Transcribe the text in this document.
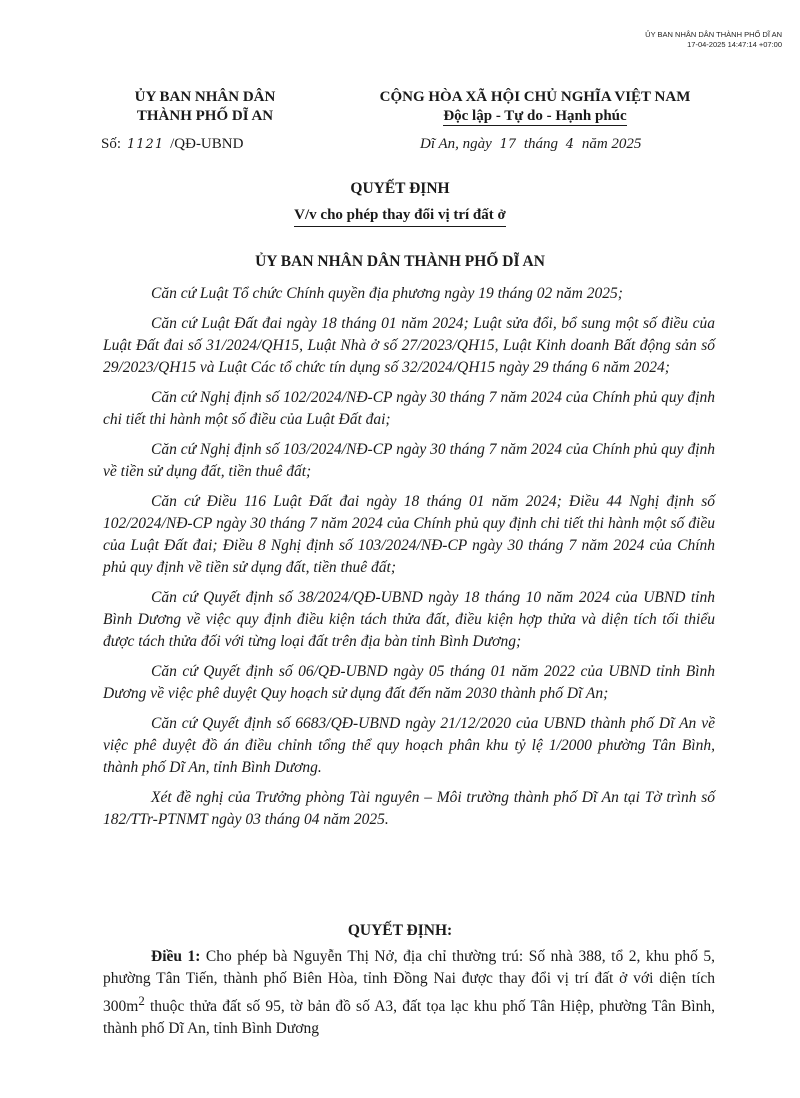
ỦY BAN NHÂN DÂN THÀNH PHỐ DĨ AN
17-04-2025 14:47:14 +07:00
ỦY BAN NHÂN DÂN
THÀNH PHỐ DĨ AN
CỘNG HÒA XÃ HỘI CHỦ NGHĨA VIỆT NAM
Độc lập - Tự do - Hạnh phúc
Số: 1121 /QĐ-UBND	Dĩ An, ngày 17 tháng 4 năm 2025
QUYẾT ĐỊNH
V/v cho phép thay đổi vị trí đất ở
ỦY BAN NHÂN DÂN THÀNH PHỐ DĨ AN

Căn cứ Luật Tổ chức Chính quyền địa phương ngày 19 tháng 02 năm 2025;

Căn cứ Luật Đất đai ngày 18 tháng 01 năm 2024; Luật sửa đổi, bổ sung một số điều của Luật Đất đai số 31/2024/QH15, Luật Nhà ở số 27/2023/QH15, Luật Kinh doanh Bất động sản số 29/2023/QH15 và Luật Các tổ chức tín dụng số 32/2024/QH15 ngày 29 tháng 6 năm 2024;

Căn cứ Nghị định số 102/2024/NĐ-CP ngày 30 tháng 7 năm 2024 của Chính phủ quy định chi tiết thi hành một số điều của Luật Đất đai;

Căn cứ Nghị định số 103/2024/NĐ-CP ngày 30 tháng 7 năm 2024 của Chính phủ quy định về tiền sử dụng đất, tiền thuê đất;

Căn cứ Điều 116 Luật Đất đai ngày 18 tháng 01 năm 2024; Điều 44 Nghị định số 102/2024/NĐ-CP ngày 30 tháng 7 năm 2024 của Chính phủ quy định chi tiết thi hành một số điều của Luật Đất đai; Điều 8 Nghị định số 103/2024/NĐ-CP ngày 30 tháng 7 năm 2024 của Chính phủ quy định về tiền sử dụng đất, tiền thuê đất;

Căn cứ Quyết định số 38/2024/QĐ-UBND ngày 18 tháng 10 năm 2024 của UBND tỉnh Bình Dương về việc quy định điều kiện tách thửa đất, điều kiện hợp thửa và diện tích tối thiểu được tách thửa đối với từng loại đất trên địa bàn tỉnh Bình Dương;

Căn cứ Quyết định số 06/QĐ-UBND ngày 05 tháng 01 năm 2022 của UBND tỉnh Bình Dương về việc phê duyệt Quy hoạch sử dụng đất đến năm 2030 thành phố Dĩ An;

Căn cứ Quyết định số 6683/QĐ-UBND ngày 21/12/2020 của UBND thành phố Dĩ An về việc phê duyệt đồ án điều chỉnh tổng thể quy hoạch phân khu tỷ lệ 1/2000 phường Tân Bình, thành phố Dĩ An, tỉnh Bình Dương.

Xét đề nghị của Trưởng phòng Tài nguyên – Môi trường thành phố Dĩ An tại Tờ trình số 182/TTr-PTNMT ngày 03 tháng 04 năm 2025.

QUYẾT ĐỊNH:
Điều 1: Cho phép bà Nguyễn Thị Nở, địa chỉ thường trú: Số nhà 388, tổ 2, khu phố 5, phường Tân Tiến, thành phố Biên Hòa, tỉnh Đồng Nai được thay đổi vị trí đất ở với diện tích $300m^2$ thuộc thửa đất số 95, tờ bản đồ số A3, đất tọa lạc khu phố Tân Hiệp, phường Tân Bình, thành phố Dĩ An, tỉnh Bình Dương
